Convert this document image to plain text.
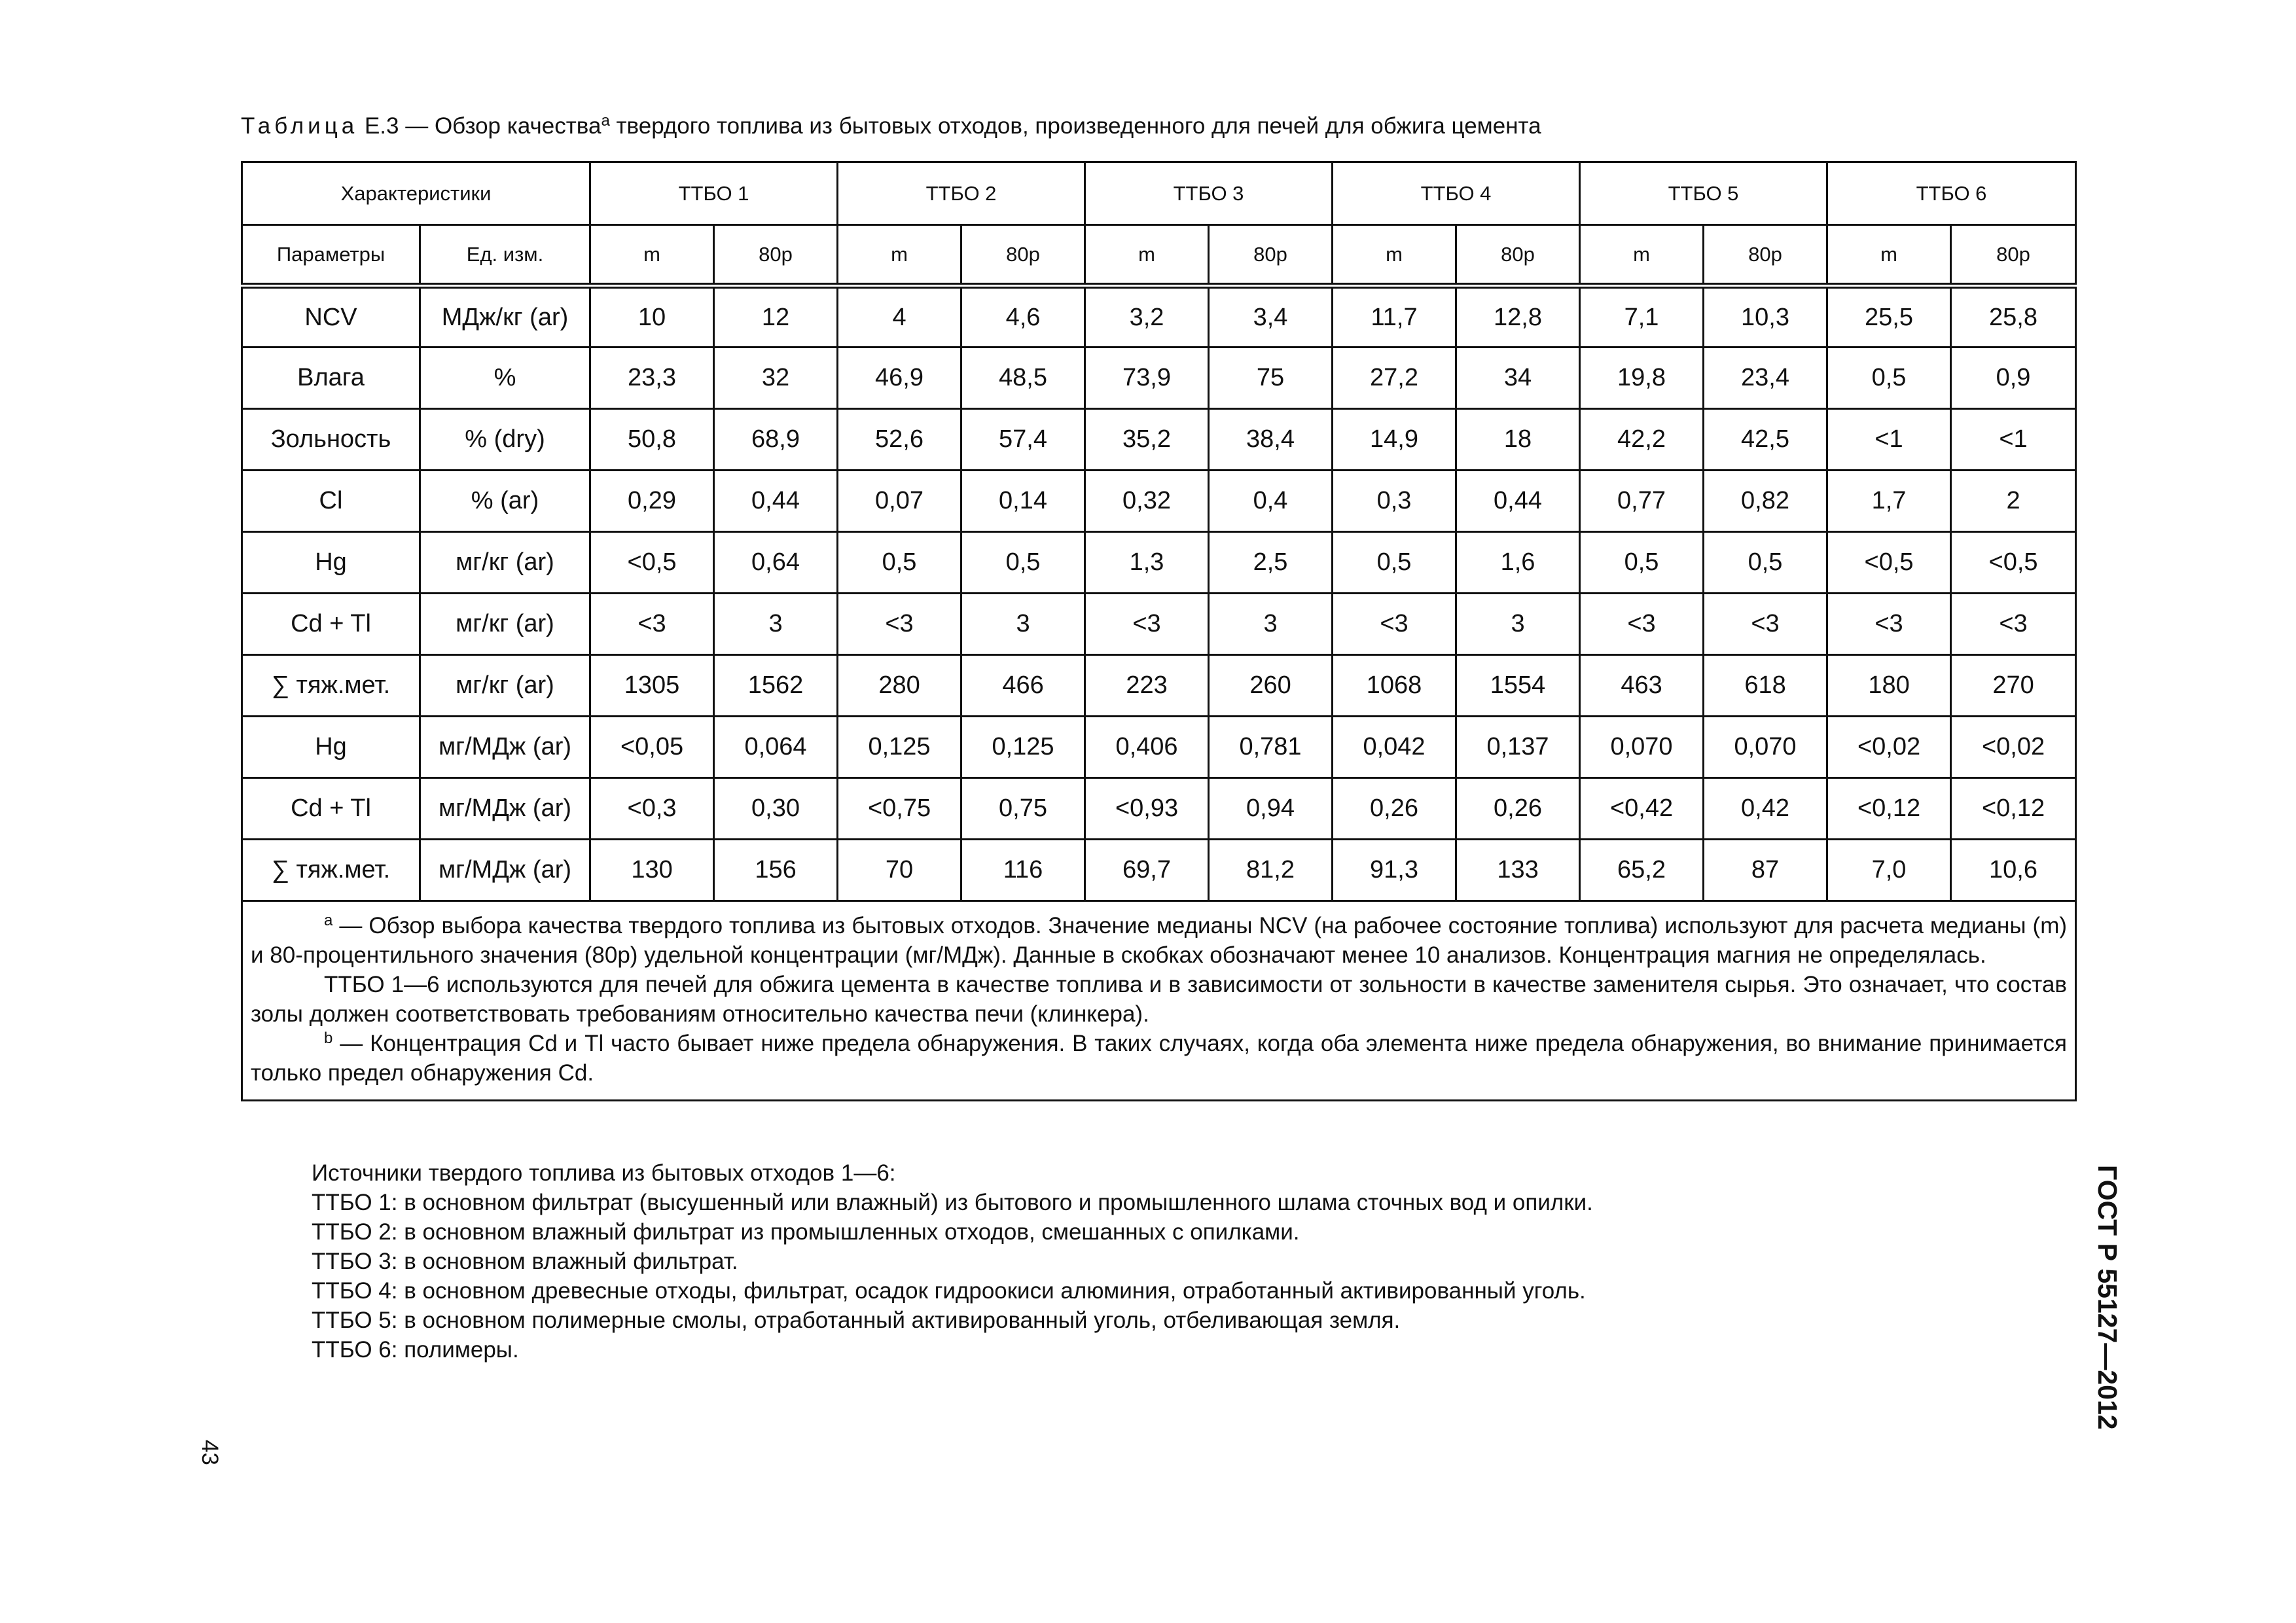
Таблица Е.3 — Обзор качества$^a$ твердого топлива из бытовых отходов, произведенного для печей для обжига цемента
Характеристики		ТТБО 1		ТТБО 2		ТТБО 3		ТТБО 4		ТТБО 5		ТТБО 6	
Параметры	Ед. изм.	m	80p	m	80p	m	80p	m	80p	m	80p	m	80p
NCV	МДж/кг (ar)	10	12	4	4,6	3,2	3,4	11,7	12,8	7,1	10,3	25,5	25,8
Влага	%	23,3	32	46,9	48,5	73,9	75	27,2	34	19,8	23,4	0,5	0,9
Зольность	% (dry)	50,8	68,9	52,6	57,4	35,2	38,4	14,9	18	42,2	42,5	<1	<1
Cl	% (ar)	0,29	0,44	0,07	0,14	0,32	0,4	0,3	0,44	0,77	0,82	1,7	2
Hg	мг/кг (ar)	<0,5	0,64	0,5	0,5	1,3	2,5	0,5	1,6	0,5	0,5	<0,5	<0,5
Cd + Tl	мг/кг (ar)	<3	3	<3	3	<3	3	<3	3	<3	<3	<3	<3
∑ тяж.мет.	мг/кг (ar)	1305	1562	280	466	223	260	1068	1554	463	618	180	270
Hg	мг/МДж (ar)	<0,05	0,064	0,125	0,125	0,406	0,781	0,042	0,137	0,070	0,070	<0,02	<0,02
Cd + Tl	мг/МДж (ar)	<0,3	0,30	<0,75	0,75	<0,93	0,94	0,26	0,26	<0,42	0,42	<0,12	<0,12
∑ тяж.мет.	мг/МДж (ar)	130	156	70	116	69,7	81,2	91,3	133	65,2	87	7,0	10,6

$^a$ — Обзор выбора качества твердого топлива из бытовых отходов. Значение медианы NCV (на рабочее состояние топлива) используют для расчета медианы (m) и 80-процентильного значения (80р) удельной концентрации (мг/МДж). Данные в скобках обозначают менее 10 анализов. Концентрация магния не определялась.

ТТБО 1—6 используются для печей для обжига цемента в качестве топлива и в зависимости от зольности в качестве заменителя сырья. Это означает, что состав золы должен соответствовать требованиям относительно качества печи (клинкера).

$^b$ — Концентрация Cd и Tl часто бывает ниже предела обнаружения. В таких случаях, когда оба элемента ниже предела обнаружения, во внимание принимается только предел обнаружения Cd.													

Источники твердого топлива из бытовых отходов 1—6:
ТТБО 1: в основном фильтрат (высушенный или влажный) из бытового и промышленного шлама сточных вод и опилки.
ТТБО 2: в основном влажный фильтрат из промышленных отходов, смешанных с опилками.
ТТБО 3: в основном влажный фильтрат.
ТТБО 4: в основном древесные отходы, фильтрат, осадок гидроокиси алюминия, отработанный активированный уголь.
ТТБО 5: в основном полимерные смолы, отработанный активированный уголь, отбеливающая земля.
ТТБО 6: полимеры.	ГОСТ Р 55127—2012
43
